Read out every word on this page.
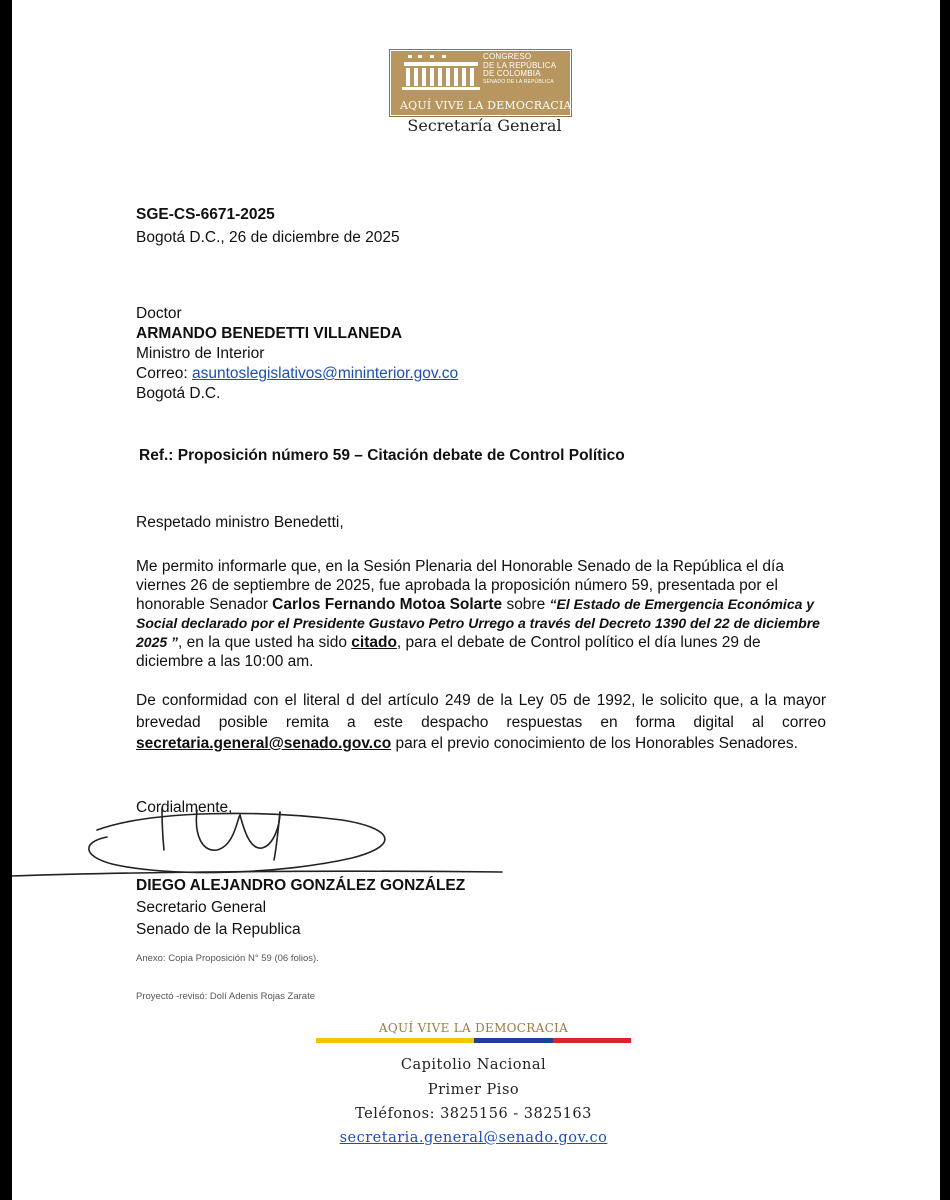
CONGRESO
DE LA REPÚBLICA
DE COLOMBIA
SENADO DE LA REPÚBLICA
AQUÍ VIVE LA DEMOCRACIA
Secretaría General
SGE-CS-6671-2025
Bogotá D.C., 26 de diciembre de 2025
Doctor
ARMANDO BENEDETTI VILLANEDA
Ministro de Interior
Correo: asuntoslegislativos@mininterior.gov.co
Bogotá D.C.
Ref.: Proposición número 59 – Citación debate de Control Político
Respetado ministro Benedetti,
Me permito informarle que, en la Sesión Plenaria del Honorable Senado de la República el día viernes 26 de septiembre de 2025, fue aprobada la proposición número 59, presentada por el honorable Senador Carlos Fernando Motoa Solarte sobre “El Estado de Emergencia Económica y Social declarado por el Presidente Gustavo Petro Urrego a través del Decreto 1390 del 22 de diciembre 2025 ”, en la que usted ha sido citado, para el debate de Control político el día lunes 29 de diciembre a las 10:00 am.
De conformidad con el literal d del artículo 249 de la Ley 05 de 1992, le solicito que, a la mayor brevedad posible remita a este despacho respuestas en forma digital al correo secretaria.general@senado.gov.co para el previo conocimiento de los Honorables Senadores.
Cordialmente,
DIEGO ALEJANDRO GONZÁLEZ GONZÁLEZ
Secretario General
Senado de la Republica
Anexo: Copia Proposición N° 59 (06 folios).
Proyectó -revisó: Dolí Adenis Rojas Zarate
AQUÍ VIVE LA DEMOCRACIA
Capitolio Nacional
Primer Piso
Teléfonos: 3825156 - 3825163
secretaria.general@senado.gov.co
